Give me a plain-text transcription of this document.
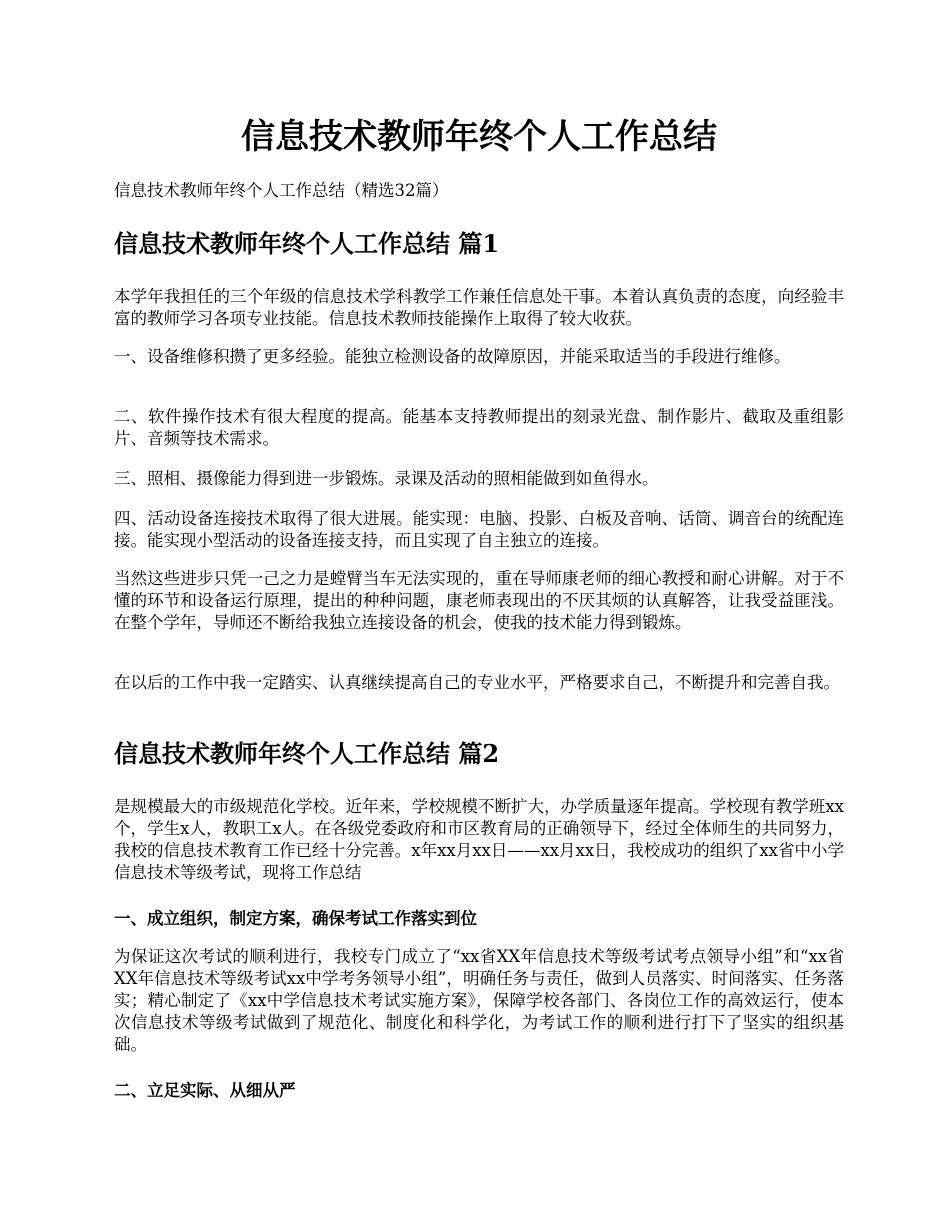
信息技术教师年终个人工作总结

信息技术教师年终个人工作总结（精选32篇）

信息技术教师年终个人工作总结 篇1

本学年我担任的三个年级的信息技术学科教学工作兼任信息处干事。本着认真负责的态度，向经验丰富的教师学习各项专业技能。信息技术教师技能操作上取得了较大收获。

一、设备维修积攒了更多经验。能独立检测设备的故障原因，并能采取适当的手段进行维修。

二、软件操作技术有很大程度的提高。能基本支持教师提出的刻录光盘、制作影片、截取及重组影片、音频等技术需求。

三、照相、摄像能力得到进一步锻炼。录课及活动的照相能做到如鱼得水。

四、活动设备连接技术取得了很大进展。能实现：电脑、投影、白板及音响、话筒、调音台的统配连接。能实现小型活动的设备连接支持，而且实现了自主独立的连接。

当然这些进步只凭一己之力是螳臂当车无法实现的，重在导师康老师的细心教授和耐心讲解。对于不懂的环节和设备运行原理，提出的种种问题，康老师表现出的不厌其烦的认真解答，让我受益匪浅。在整个学年，导师还不断给我独立连接设备的机会，使我的技术能力得到锻炼。

在以后的工作中我一定踏实、认真继续提高自己的专业水平，严格要求自己，不断提升和完善自我。

信息技术教师年终个人工作总结 篇2

是规模最大的市级规范化学校。近年来，学校规模不断扩大，办学质量逐年提高。学校现有教学班xx个，学生x人，教职工x人。在各级党委政府和市区教育局的正确领导下，经过全体师生的共同努力，我校的信息技术教育工作已经十分完善。x年xx月xx日——xx月xx日，我校成功的组织了xx省中小学信息技术等级考试，现将工作总结

一、成立组织，制定方案，确保考试工作落实到位

为保证这次考试的顺利进行，我校专门成立了“xx省XX年信息技术等级考试考点领导小组”和“xx省XX年信息技术等级考试xx中学考务领导小组”，明确任务与责任，做到人员落实、时间落实、任务落实；精心制定了《xx中学信息技术考试实施方案》，保障学校各部门、各岗位工作的高效运行，使本次信息技术等级考试做到了规范化、制度化和科学化，为考试工作的顺利进行打下了坚实的组织基础。

二、立足实际、从细从严
